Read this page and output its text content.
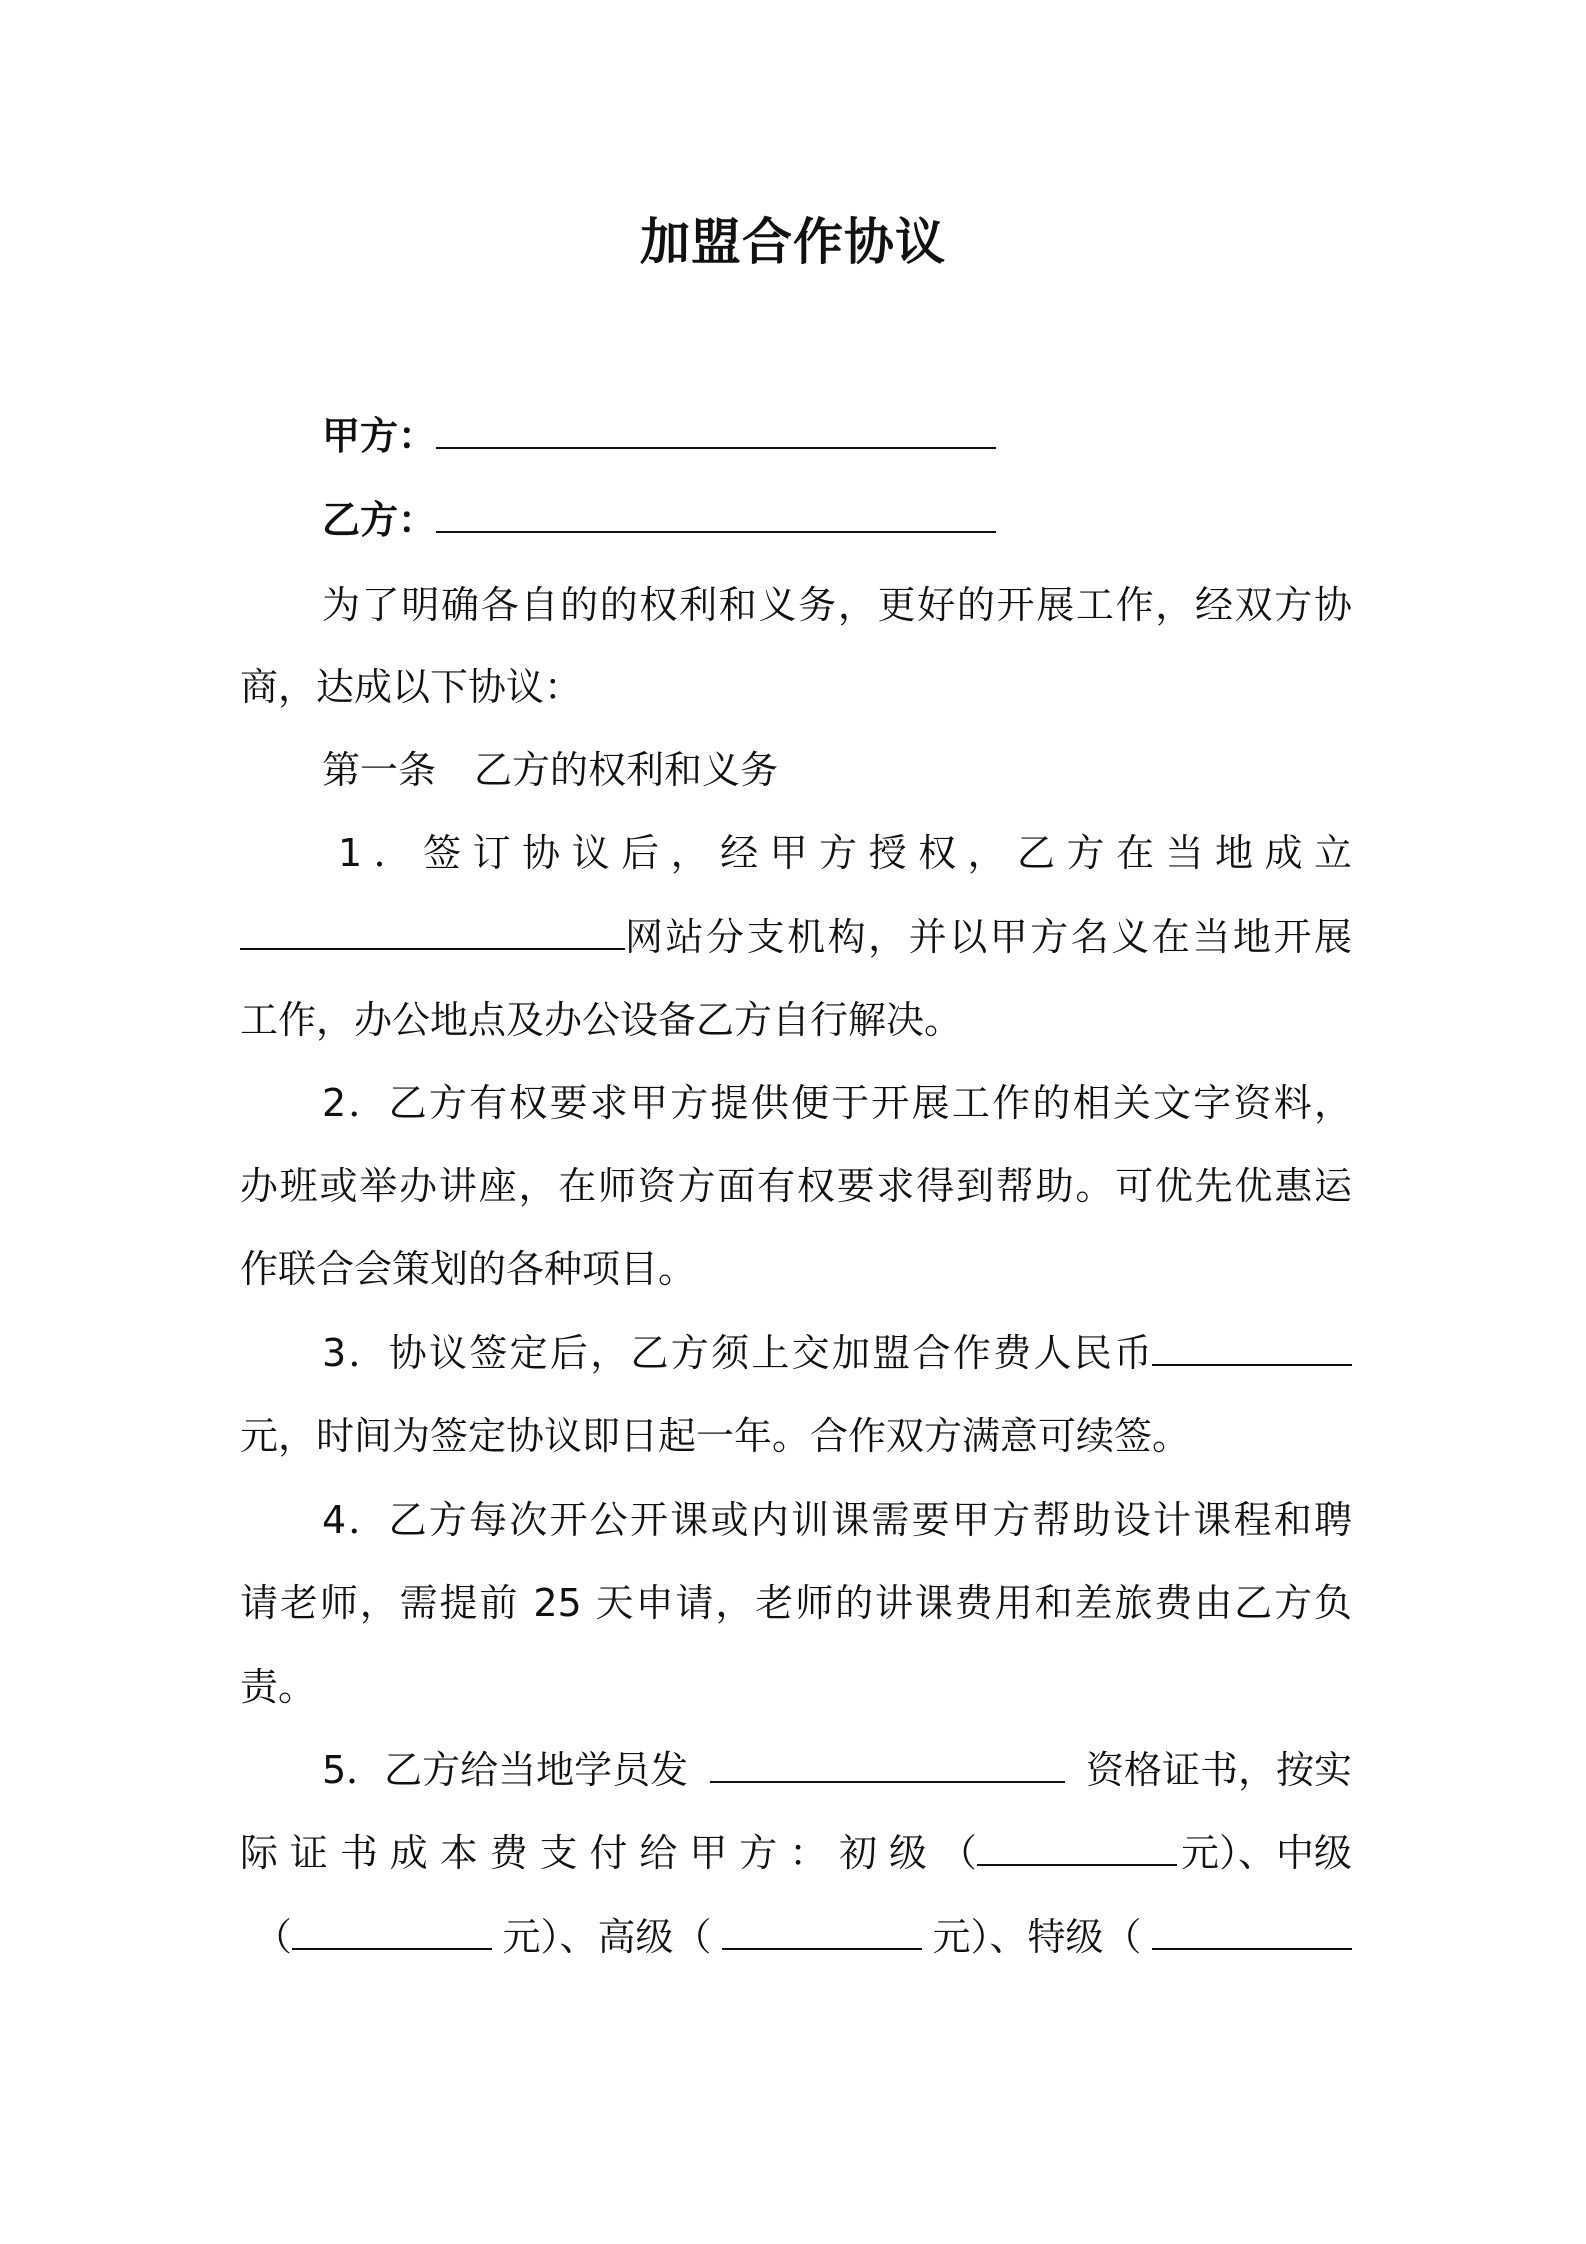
加盟合作协议
甲方：
乙方：
为了明确各自的的权利和义务，更好的开展工作，经双方协
商，达成以下协议：
第一条　乙方的权利和义务
1．签订协议后，经甲方授权，乙方在当地成立
网站分支机构，并以甲方名义在当地开展
工作，办公地点及办公设备乙方自行解决。
2．乙方有权要求甲方提供便于开展工作的相关文字资料，
办班或举办讲座，在师资方面有权要求得到帮助。可优先优惠运
作联合会策划的各种项目。
3．协议签定后，乙方须上交加盟合作费人民币
元，时间为签定协议即日起一年。合作双方满意可续签。
4．乙方每次开公开课或内训课需要甲方帮助设计课程和聘
请老师，需提前 25 天申请，老师的讲课费用和差旅费由乙方负
责。
5．乙方给当地学员发	资格证书，按实
际证书成本费支付给甲方：初级（	元）、中级
（	元）、高级（	元）、特级（
